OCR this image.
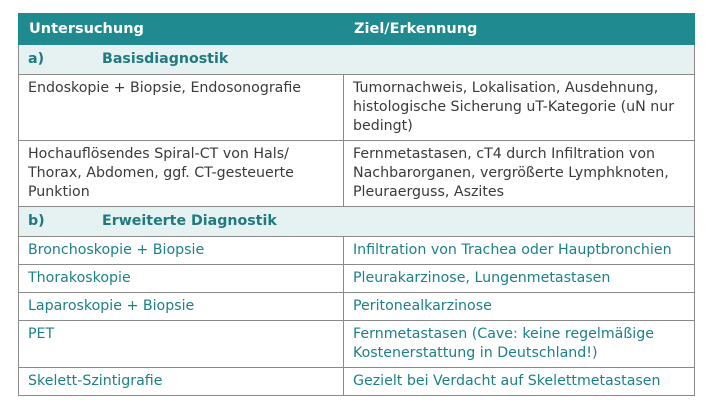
Untersuchung	Ziel/Erkennung
a) Basisdiagnostik	
Endoskopie + Biopsie, Endosonografie	Tumornachweis, Lokalisation, Ausdehnung, histologische Sicherung uT-Kategorie (uN nur bedingt)
Hochauflösendes Spiral-CT von Hals/ Thorax, Abdomen, ggf. CT-gesteuerte Punktion	Fernmetastasen, cT4 durch Infiltration von Nachbarorganen, vergrößerte Lymphknoten, Pleuraerguss, Aszites
b) Erweiterte Diagnostik	
Bronchoskopie + Biopsie	Infiltration von Trachea oder Hauptbronchien
Thorakoskopie	Pleurakarzinose, Lungenmetastasen
Laparoskopie + Biopsie	Peritonealkarzinose
PET	Fernmetastasen (Cave: keine regelmäßige Kostenerstattung in Deutschland!)
Skelett-Szintigrafie	Gezielt bei Verdacht auf Skelettmetastasen
